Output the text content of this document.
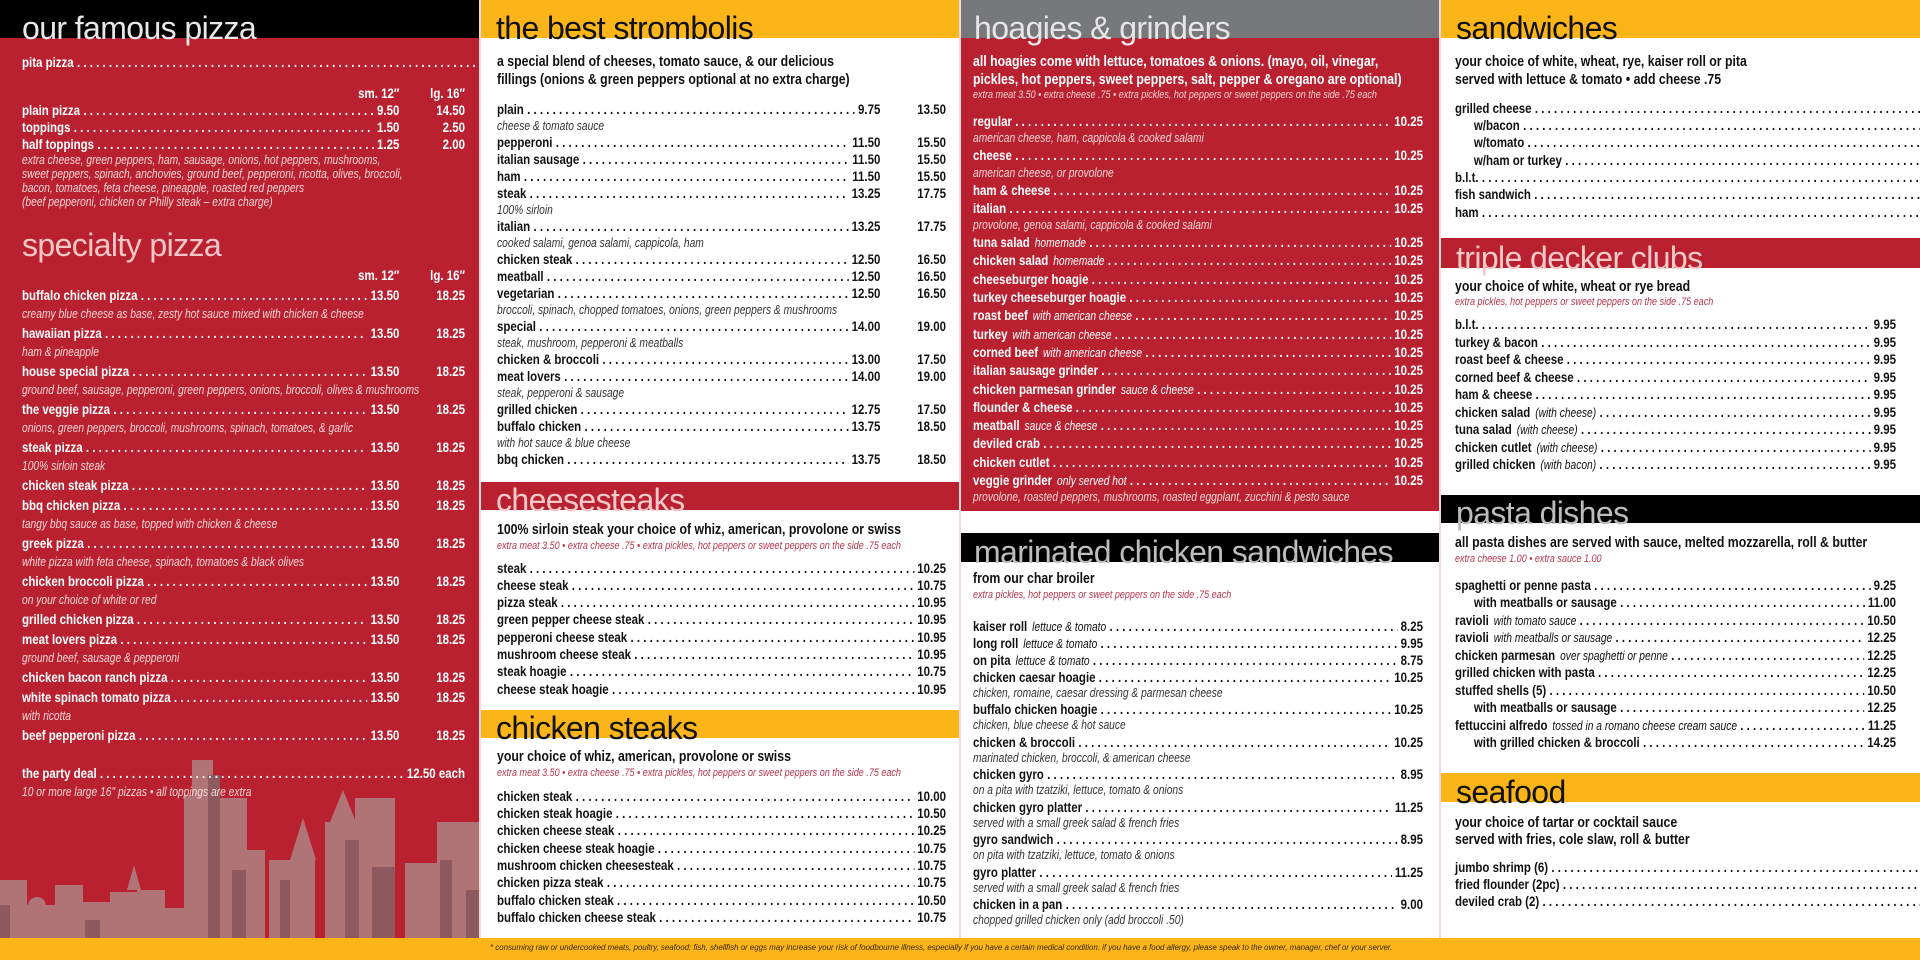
our famous pizza
pita pizza
. . .
sm. 12″	lg. 16″
plain pizza . . .	9.50	14.50
toppings . . .	1.50	2.50
half toppings . . .	1.25	2.00
extra cheese, green peppers, ham, sausage, onions, hot peppers, mushrooms,
sweet peppers, spinach, anchovies, ground beef, pepperoni, ricotta, olives, broccoli,
bacon, tomatoes, feta cheese, pineapple, roasted red peppers
(beef pepperoni, chicken or Philly steak – extra charge)
specialty pizza
sm. 12″	lg. 16″
buffalo chicken pizza . . .	13.50	18.25
creamy blue cheese as base, zesty hot sauce mixed with chicken & cheese
hawaiian pizza . . .	13.50	18.25
ham & pineapple
house special pizza . . .	13.50	18.25
ground beef, sausage, pepperoni, green peppers, onions, broccoli, olives & mushrooms
the veggie pizza . . .	13.50	18.25
onions, green peppers, broccoli, mushrooms, spinach, tomatoes, & garlic
steak pizza . . .	13.50	18.25
100% sirloin steak
chicken steak pizza . . .	13.50	18.25
bbq chicken pizza . . .	13.50	18.25
tangy bbq sauce as base, topped with chicken & cheese
greek pizza . . .	13.50	18.25
white pizza with feta cheese, spinach, tomatoes & black olives
chicken broccoli pizza . . .	13.50	18.25
on your choice of white or red
grilled chicken pizza . . .	13.50	18.25
meat lovers pizza . . .	13.50	18.25
ground beef, sausage & pepperoni
chicken bacon ranch pizza . . .	13.50	18.25
white spinach tomato pizza . . .	13.50	18.25
with ricotta
beef pepperoni pizza . . .	13.50	18.25
the party deal . . .	12.50 each
10 or more large 16" pizzas • all toppings are extra
the best strombolis
a special blend of cheeses, tomato sauce, & our delicious
fillings (onions & green peppers optional at no extra charge)
plain . . .	9.75	13.50
cheese & tomato sauce
pepperoni . . .	11.50	15.50
italian sausage . . .	11.50	15.50
ham . . .	11.50	15.50
steak . . .	13.25	17.75
100% sirloin
italian . . .	13.25	17.75
cooked salami, genoa salami, cappicola, ham
chicken steak . . .	12.50	16.50
meatball . . .	12.50	16.50
vegetarian . . .	12.50	16.50
broccoli, spinach, chopped tomatoes, onions, green peppers & mushrooms
special . . .	14.00	19.00
steak, mushroom, pepperoni & meatballs
chicken & broccoli . . .	13.00	17.50
meat lovers . . .	14.00	19.00
steak, pepperoni & sausage
grilled chicken . . .	12.75	17.50
buffalo chicken . . .	13.75	18.50
with hot sauce & blue cheese
bbq chicken . . .	13.75	18.50
cheesesteaks
100% sirloin steak your choice of whiz, american, provolone or swiss
extra meat 3.50 • extra cheese .75 • extra pickles, hot peppers or sweet peppers on the side .75 each
steak . . .	10.25
cheese steak . . .	10.75
pizza steak . . .	10.95
green pepper cheese steak . . .	10.95
pepperoni cheese steak . . .	10.95
mushroom cheese steak . . .	10.95
steak hoagie . . .	10.75
cheese steak hoagie . . .	10.95
chicken steaks
your choice of whiz, american, provolone or swiss
extra meat 3.50 • extra cheese .75 • extra pickles, hot peppers or sweet peppers on the side .75 each
chicken steak . . .	10.00
chicken steak hoagie . . .	10.50
chicken cheese steak . . .	10.25
chicken cheese steak hoagie . . .	10.75
mushroom chicken cheesesteak . . .	10.75
chicken pizza steak . . .	10.75
buffalo chicken steak . . .	10.50
buffalo chicken cheese steak . . .	10.75
hoagies & grinders
all hoagies come with lettuce, tomatoes & onions. (mayo, oil, vinegar,
pickles, hot peppers, sweet peppers, salt, pepper & oregano are optional)
extra meat 3.50 • extra cheese .75 • extra pickles, hot peppers or sweet peppers on the side .75 each
regular . . .	10.25
american cheese, ham, cappicola & cooked salami
cheese . . .	10.25
american cheese, or provolone
ham & cheese . . .	10.25
italian . . .	10.25
provolone, genoa salami, cappicola & cooked salami
tuna salad homemade . . .	10.25
chicken salad homemade . . .	10.25
cheeseburger hoagie . . .	10.25
turkey cheeseburger hoagie . . .	10.25
roast beef with american cheese . . .	10.25
turkey with american cheese . . .	10.25
corned beef with american cheese . . .	10.25
italian sausage grinder . . .	10.25
chicken parmesan grinder sauce & cheese . . .	10.25
flounder & cheese . . .	10.25
meatball sauce & cheese . . .	10.25
deviled crab . . .	10.25
chicken cutlet . . .	10.25
veggie grinder only served hot . . .	10.25
provolone, roasted peppers, mushrooms, roasted eggplant, zucchini & pesto sauce
marinated chicken sandwiches
from our char broiler
extra pickles, hot peppers or sweet peppers on the side .75 each
kaiser roll lettuce & tomato . . .	8.25
long roll lettuce & tomato . . .	9.95
on pita lettuce & tomato . . .	8.75
chicken caesar hoagie . . .	10.25
chicken, romaine, caesar dressing & parmesan cheese
buffalo chicken hoagie . . .	10.25
chicken, blue cheese & hot sauce
chicken & broccoli . . .	10.25
marinated chicken, broccoli, & american cheese
chicken gyro . . .	8.95
on a pita with tzatziki, lettuce, tomato & onions
chicken gyro platter . . .	11.25
served with a small greek salad & french fries
gyro sandwich . . .	8.95
on pita with tzatziki, lettuce, tomato & onions
gyro platter . . .	11.25
served with a small greek salad & french fries
chicken in a pan . . .	9.00
chopped grilled chicken only (add broccoli .50)
sandwiches
your choice of white, wheat, rye, kaiser roll or pita
served with lettuce & tomato • add cheese .75
grilled cheese
. . .
w/bacon
. . .
w/tomato
. . .
w/ham or turkey
. . .
b.l.t.
. . .
fish sandwich
. . .
ham
. . .
triple decker clubs
your choice of white, wheat or rye bread
extra pickles, hot peppers or sweet peppers on the side .75 each
b.l.t. . . .	9.95
turkey & bacon . . .	9.95
roast beef & cheese . . .	9.95
corned beef & cheese . . .	9.95
ham & cheese . . .	9.95
chicken salad (with cheese) . . .	9.95
tuna salad (with cheese) . . .	9.95
chicken cutlet (with cheese) . . .	9.95
grilled chicken (with bacon) . . .	9.95
pasta dishes
all pasta dishes are served with sauce, melted mozzarella, roll & butter
extra cheese 1.00 • extra sauce 1.00
spaghetti or penne pasta . . .	9.25
with meatballs or sausage . . .	11.00
ravioli with tomato sauce . . .	10.50
ravioli with meatballs or sausage . . .	12.25
chicken parmesan over spaghetti or penne . . .	12.25
grilled chicken with pasta . . .	12.25
stuffed shells (5) . . .	10.50
with meatballs or sausage . . .	12.25
fettuccini alfredo tossed in a romano cheese cream sauce . . .	11.25
with grilled chicken & broccoli . . .	14.25
seafood
your choice of tartar or cocktail sauce
served with fries, cole slaw, roll & butter
jumbo shrimp (6)
. . .
fried flounder (2pc)
. . .
deviled crab (2)
. . .
* consuming raw or undercooked meats, poultry, seafood: fish, shellfish or eggs may increase your risk of foodbourne illness, especially if you have a certain medical condition. if you have a food allergy, please speak to the owner, manager, chef or your server.
